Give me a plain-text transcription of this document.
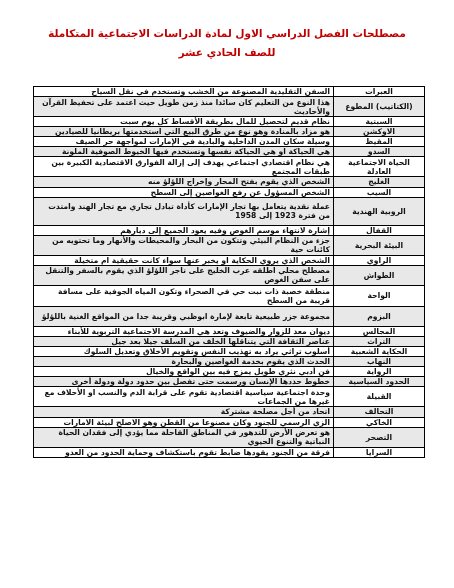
مصطلحات الفصل الدراسي الاول لمادة الدراسات الاجتماعية المتكاملة
للصف الحادي عشر
العبرات	السفن التقليدية المصنوعة من الخشب وتستخدم في نقل السياح
(الكتاتيب) المطوع	هذا النوع من التعليم كان سائدا منذ زمن طويل حيث اعتمد على تحفيظ القرآن والأحاديث
السبتية	نظام قديم لتحصيل للمال بطريقة الأقساط كل يوم سبت
الاوكشن	هو مزاد بالمنادة وهو نوع من طرق البيع التي استخدمتها بريطانيا للصيادين
المقيظ	وسيلة سكان المدن الداخلية والبادية في الإمارات لمواجهة حر الصيف
السدو	هي الحياكة او هي الحياكة نفسها وتستخدم فيها الخيوط الصوفية الملونة
الحياة الاجتماعية العادلة	هي نظام اقتصادي اجتماعي يهدف إلى إزالة الفوارق الاقتصادية الكبيرة بين طبقات المجتمع
الغليج	الشخص الذي يقوم بفتح المحار وإخراج اللؤلؤ منه
السيب	الشخص المسؤول عن رفع الغواصين إلى السطح
الروبية الهندية	عملة نقدية يتعامل بها تجار الإمارات كأداة تبادل تجاري مع تجار الهند وامتدت من فترة 1923 إلى 1958
القفال	إشارة لانتهاء موسم الغوص وفيه يعود الجميع إلى ديارهم
البيئة البحرية	جزء من النظام البيئي وتتكون من البحار والمحيطات والأنهار وما تحتويه من كائنات حية
الراوي	الشخص الذي يروي الحكاية او يخبر عنها سواء كانت حقيقية ام متخيلة
الطواش	مصطلح محلي اطلقه عرب الخليج على تاجر اللؤلؤ الذي يقوم بالسفر والتنقل على سفن الغوص
الواحة	منطقة خصبة ذات نبت حي في الصحراء وتكون المياه الجوفية على مسافة قريبة من السطح
البزوم	مجموعة جزر طبيعية تابعة لإمارة ابوظبي وقريبة جدا من المواقع الغنية باللؤلؤ
المجالس	ديوان معد للزوار والضيوف وتعد هي المدرسة الاجتماعية التربوية للأبناء
التراث	عناصر الثقافة التي يتناقلها الخلف من السلف جيلا بعد جيل
الحكاية الشعبية	أسلوب تراثي يراد به تهذيب النفس وتقويم الأخلاق وتعديل السلوك
النهاب	الحدث الذي يقوم بخدمة الغواصين والبحارة
الرواية	فن أدبي نثري طويل يمزج فيه بين الواقع والخيال
الحدود السياسية	خطوط حددها الإنسان ورسمت حتى تفصل بين حدود دولة ودولة أخرى
القبيلة	وحدة اجتماعية سياسية اقتصادية تقوم على قرابة الدم والنسب او الأحلاف مع غيرها من الجماعات
التحالف	اتحاد من أجل مصلحة مشتركة
الخاكي	الزي الرسمي للجنود وكان مصنوعا من القطن وهو الاصلح لبيئة الامارات
التصحر	هو تعرض الأرض للتدهور في المناطق القاحلة مما يؤدي إلى فقدان الحياة النباتية والتنوع الحيوي
السرايا	فرقة من الجنود يقودها ضابط تقوم باستكشاف وحماية الحدود من العدو
